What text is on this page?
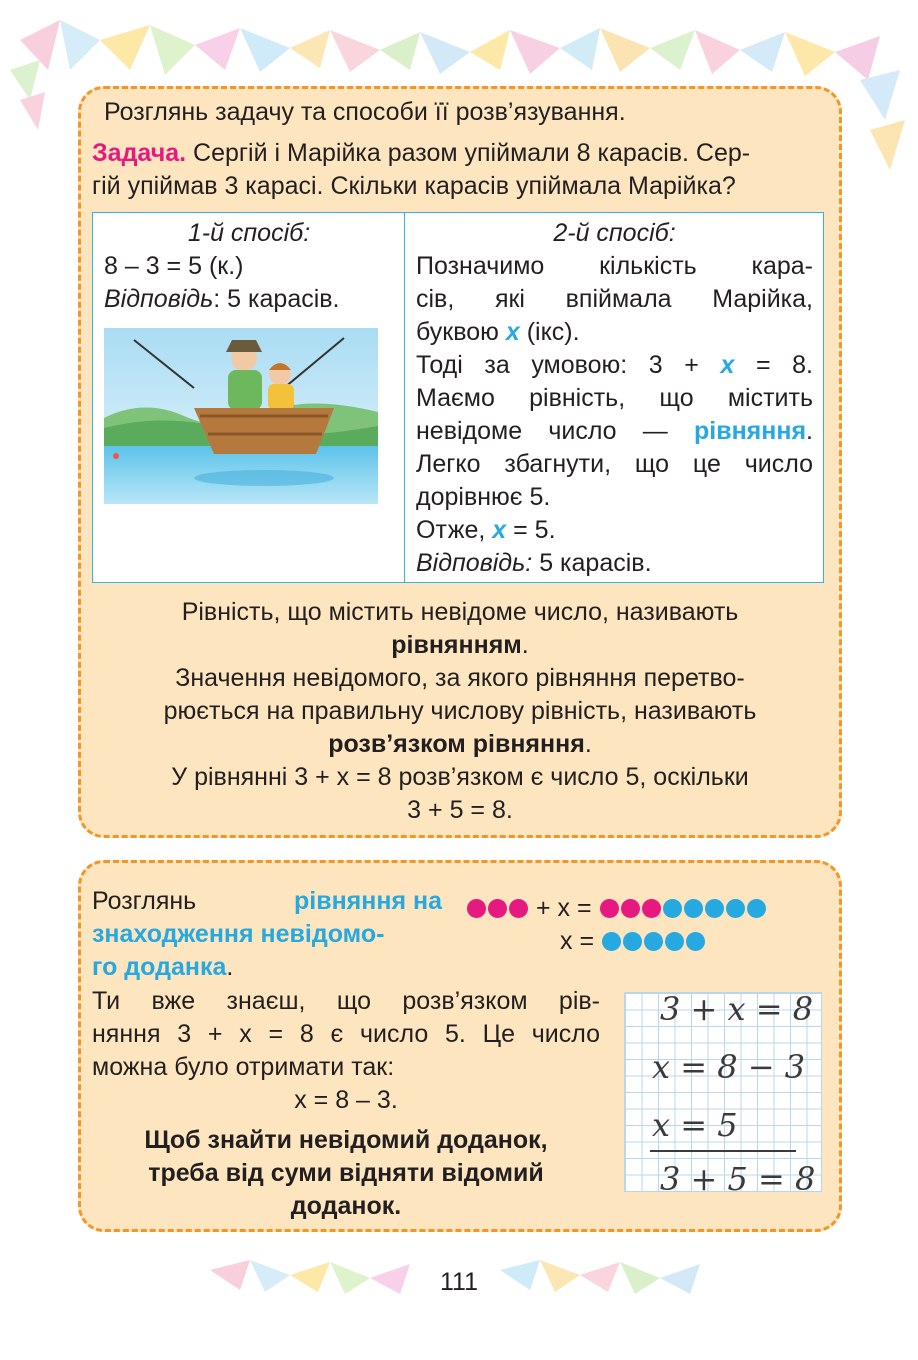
Розглянь задачу та способи її розв’язування.
Задача. Сергій і Марійка разом упіймали 8 карасів. Сер-
гій упіймав 3 карасі. Скільки карасів упіймала Марійка?
1-й спосіб:
8 – 3 = 5 (к.)
Відповідь: 5 карасів.

2-й спосіб:
Позначимо кількість кара-
сів, які впіймала Марійка,
буквою x (ікс).
Тоді за умовою: 3 + x = 8.
Маємо рівність, що містить
невідоме число — рівняння.
Легко збагнути, що це число
дорівнює 5.
Отже, x = 5.
Відповідь: 5 карасів.
Рівність, що містить невідоме число, називають
рівнянням.
Значення невідомого, за якого рівняння перетво-
рюється на правильну числову рівність, називають
розв’язком рівняння.
У рівнянні 3 + x = 8 розв’язком є число 5, оскільки
3 + 5 = 8.
Розглянь	рівняння на
знаходження невідомо-
го доданка.
+ x =
x =
Ти вже знаєш, що розв’язком рів-
няння 3 + x = 8 є число 5. Це число
можна було отримати так:
x = 8 – 3.
Щоб знайти невідомий доданок,
треба від суми відняти відомий
доданок.
3 + x = 8
x = 8 − 3
x = 5
3 + 5 = 8
111
